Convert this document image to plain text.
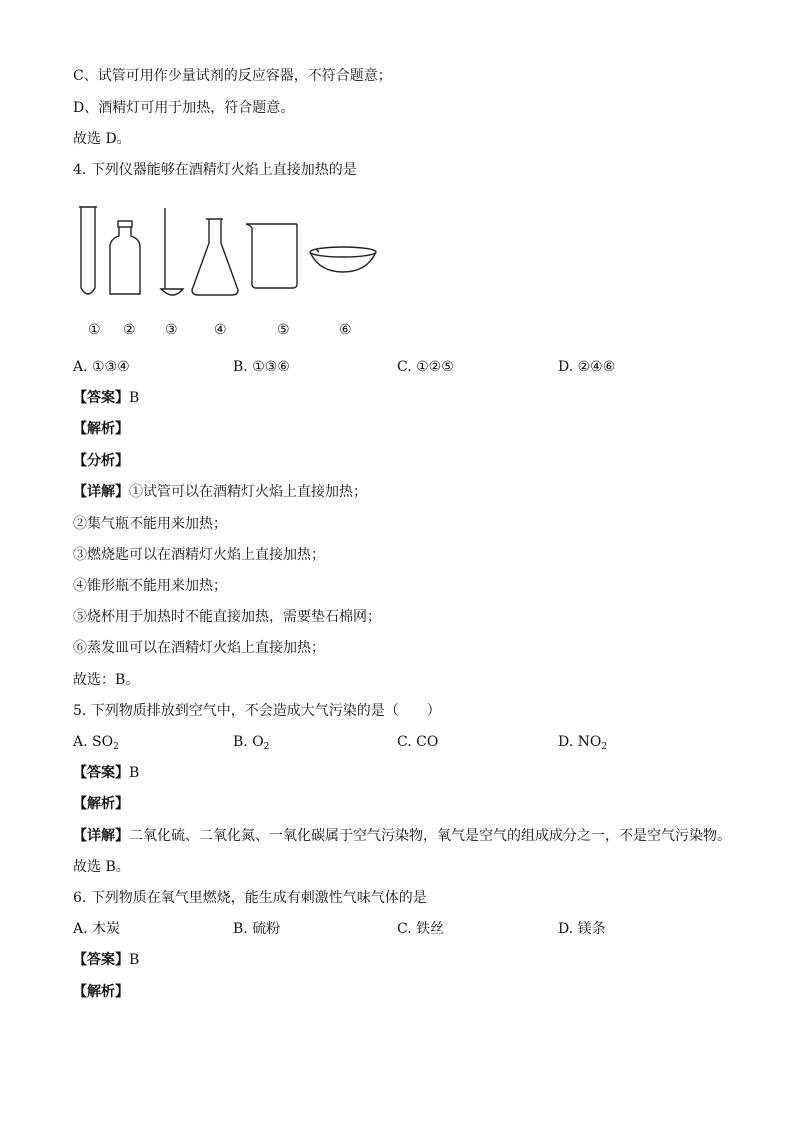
C、试管可用作少量试剂的反应容器，不符合题意；
D、酒精灯可用于加热，符合题意。
故选 D。
4. 下列仪器能够在酒精灯火焰上直接加热的是
① ② ③	④	⑤	⑥
A. ①③④	B. ①③⑥	C. ①②⑤	D. ②④⑥
【答案】B
【解析】
【分析】
【详解】①试管可以在酒精灯火焰上直接加热；
②集气瓶不能用来加热；
③燃烧匙可以在酒精灯火焰上直接加热；
④锥形瓶不能用来加热；
⑤烧杯用于加热时不能直接加热，需要垫石棉网；
⑥蒸发皿可以在酒精灯火焰上直接加热；
故选：B。
5. 下列物质排放到空气中，不会造成大气污染的是（　　）
A. $SO_2$	B. $O_2$	C. CO	D. $NO_2$
【答案】B
【解析】
【详解】二氧化硫、二氧化氮、一氧化碳属于空气污染物，氧气是空气的组成成分之一，不是空气污染物。
故选 B。
6. 下列物质在氧气里燃烧，能生成有刺激性气味气体的是
A. 木炭	B. 硫粉	C. 铁丝	D. 镁条
【答案】B
【解析】
